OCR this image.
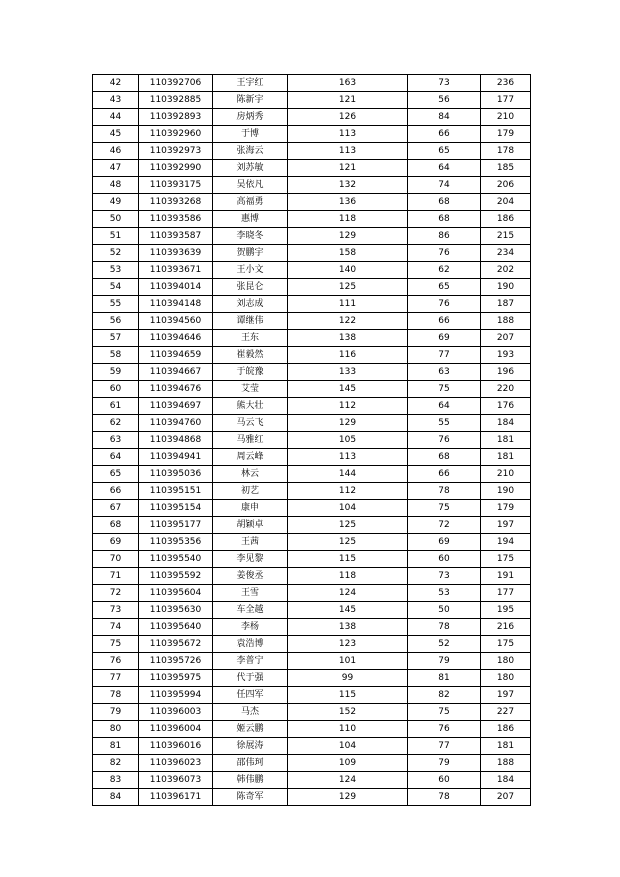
42	110392706	王宇红	163	73	236
43	110392885	陈新宇	121	56	177
44	110392893	房炳秀	126	84	210
45	110392960	于博	113	66	179
46	110392973	张海云	113	65	178
47	110392990	刘苏敏	121	64	185
48	110393175	吴依凡	132	74	206
49	110393268	高福勇	136	68	204
50	110393586	惠博	118	68	186
51	110393587	李晓冬	129	86	215
52	110393639	贺鹏宇	158	76	234
53	110393671	王小文	140	62	202
54	110394014	张昆仑	125	65	190
55	110394148	刘志成	111	76	187
56	110394560	谭继伟	122	66	188
57	110394646	王东	138	69	207
58	110394659	崔毅然	116	77	193
59	110394667	于皖豫	133	63	196
60	110394676	艾莹	145	75	220
61	110394697	熊大壮	112	64	176
62	110394760	马云飞	129	55	184
63	110394868	马雅红	105	76	181
64	110394941	周云峰	113	68	181
65	110395036	林云	144	66	210
66	110395151	初艺	112	78	190
67	110395154	康申	104	75	179
68	110395177	胡颖卓	125	72	197
69	110395356	王茜	125	69	194
70	110395540	李见黎	115	60	175
71	110395592	姜俊丞	118	73	191
72	110395604	王雪	124	53	177
73	110395630	车全越	145	50	195
74	110395640	李杨	138	78	216
75	110395672	袁浩博	123	52	175
76	110395726	李普宁	101	79	180
77	110395975	代于强	99	81	180
78	110395994	任四军	115	82	197
79	110396003	马杰	152	75	227
80	110396004	姬云鹏	110	76	186
81	110396016	徐展涛	104	77	181
82	110396023	邵伟珂	109	79	188
83	110396073	韩伟鹏	124	60	184
84	110396171	陈奇军	129	78	207
